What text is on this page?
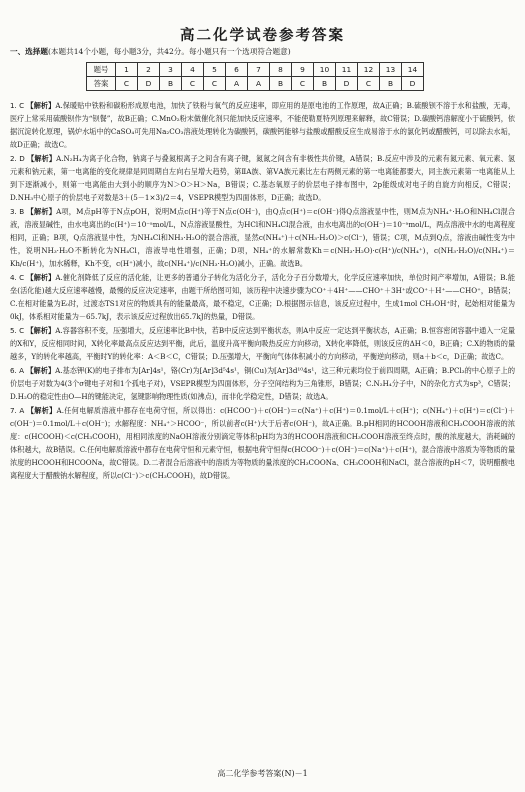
高二化学试卷参考答案
一、选择题(本题共14个小题，每小题3分，共42分。每小题只有一个选项符合题意)
题号	1	2	3	4	5	6	7	8	9	10	11	12	13	14
答案	C	D	B	C	C	A	A	B	C	B	D	C	B	D

1. C 【解析】A.保暖贴中铁粉和碳粉形成原电池，加快了铁粉与氧气的反应速率，即应用的是原电池的工作原理，故A正确；B.硫酸钡不溶于水和盐酸，无毒，医疗上常采用硫酸钡作为“钡餐”，故B正确；C.MnO₂粉末做催化剂只能加快反应速率，不能使勒夏特列原理来解释，故C错误；D.碳酸钙溶解度小于硫酸钙，依据沉淀转化原理，锅炉水垢中的CaSO₄可先用Na₂CO₃溶液处理转化为碳酸钙，碳酸钙能够与盐酸或醋酸反应生成易溶于水的氯化钙或醋酸钙，可以除去水垢，故D正确；故选C。

2. D 【解析】A.N₂H₄为离子化合物，钠离子与叠氮根离子之间含有离子键，氮氮之间含有非极性共价键，A错误；B.反应中涉及的元素有氮元素、氧元素、氢元素和钠元素，第一电离能的变化规律是同周期自左向右呈增大趋势，第ⅡA族、第ⅤA族元素比左右两侧元素的第一电离能都要大，同主族元素第一电离能从上到下逐渐减小，则第一电离能由大到小的顺序为N＞O＞H＞Na，B错误；C.基态氧原子的价层电子排布图中，2p能级成对电子的自旋方向相反，C错误；D.NH₃中心原子的价层电子对数是3＋(5－1×3)/2＝4，VSEPR模型为四面体形，D正确；故选D。

3. B 【解析】A项，M点pH等于N点pOH，说明M点c(H⁺)等于N点c(OH⁻)，由Q点c(H⁺)＝c(OH⁻)得Q点溶液显中性，则M点为NH₄⁺·H₂O和NH₄Cl混合液，溶液显碱性，由水电离出的c(H⁺)＝10⁻ᵃmol/L，N点溶液显酸性，为HCl和NH₄Cl混合液，由水电离出的c(OH⁻)＝10⁻ᵃmol/L，两点溶液中水的电离程度相同，正确；B项，Q点溶液显中性，为NH₄Cl和NH₃·H₂O的混合溶液，显然c(NH₄⁺)＋c(NH₃·H₂O)＞c(Cl⁻)，错误；C项，M点到Q点，溶液由碱性变为中性，说明NH₃·H₂O不断转化为NH₄Cl，溶液导电性增强，正确；D项，NH₄⁺的水解常数Kh＝c(NH₃·H₂O)·c(H⁺)/c(NH₄⁺)，c(NH₃·H₂O)/c(NH₄⁺)＝Kh/c(H⁺)，加水稀释，Kh不变，c(H⁺)减小，故c(NH₄⁺)/c(NH₃·H₂O)减小，正确。故选B。

4. C 【解析】A.催化剂降低了反应的活化能，让更多的普通分子转化为活化分子，活化分子百分数增大，化学反应速率加快，单位时间产率增加，A错误；B.能垒(活化能)越大反应速率越慢，最慢的反应决定速率，由题干所给图可知，该历程中决速步骤为CO⁺＋4H⁺——CHO⁺＋3H⁺或CO⁺＋H⁺——CHO⁺，B错误；C.在相对能量为E₀时，过渡态TS1对应的物质具有的能量最高，最不稳定，C正确；D.根据图示信息，该反应过程中，生成1mol CH₃OH⁺时，起始相对能量为0kJ，体系相对能量为－65.7kJ，表示该反应过程放出65.7kJ的热量，D错误。

5. C 【解析】A.容器容积不变，压强增大，反应速率比B中快，若B中反应达到平衡状态，则A中反应一定达到平衡状态，A正确；B.恒容密闭容器中通入一定量的X和Y，反应相同时间，X转化率最高点反应达到平衡，此后，温度升高平衡向吸热反应方向移动，X转化率降低，则该反应的ΔH＜0，B正确；C.X的物质的量越多，Y的转化率越高，平衡时Y的转化率：A＜B＜C，C错误；D.压强增大，平衡向气体体积减小的方向移动，平衡逆向移动，则a＋b＜c，D正确；故选C。

6. A 【解析】A.基态钾(K)的电子排布为[Ar]4s¹，铬(Cr)为[Ar]3d⁵4s¹，铜(Cu)为[Ar]3d¹⁰4s¹，这三种元素均位于前四周期，A正确；B.PCl₃的中心原子上的价层电子对数为4(3个σ键电子对和1个孤电子对)，VSEPR模型为四面体形，分子空间结构为三角锥形，B错误；C.N₂H₄分子中，N的杂化方式为sp³，C错误；D.H₂O的稳定性由O—H的键能决定，氢键影响物理性质(如沸点)，而非化学稳定性，D错误；故选A。

7. A 【解析】A.任何电解质溶液中都存在电荷守恒，所以得出：c(HCOO⁻)＋c(OH⁻)＝c(Na⁺)＋c(H⁺)＝0.1mol/L＋c(H⁺)；c(NH₄⁺)＋c(H⁺)＝c(Cl⁻)＋c(OH⁻)＝0.1mol/L＋c(OH⁻)；水解程度：NH₄⁺＞HCOO⁻，所以前者c(H⁺)大于后者c(OH⁻)，故A正确。B.pH相同的HCOOH溶液和CH₃COOH溶液的浓度：c(HCOOH)＜c(CH₃COOH)，用相同浓度的NaOH溶液分别滴定等体积pH均为3的HCOOH溶液和CH₃COOH溶液至终点时，酸的浓度越大，消耗碱的体积越大，故B错误。C.任何电解质溶液中都存在电荷守恒和元素守恒，根据电荷守恒得c(HCOO⁻)＋c(OH⁻)＝c(Na⁺)＋c(H⁺)，混合溶液中溶质为等物质的量浓度的HCOOH和HCOONa，故C错误。D.二者混合后溶液中的溶质为等物质的量浓度的CH₃COONa、CH₃COOH和NaCl，混合溶液的pH＜7，说明醋酸电离程度大于醋酸钠水解程度，所以c(Cl⁻)＞c(CH₃COOH)，故D错误。

高二化学参考答案(N)－1
